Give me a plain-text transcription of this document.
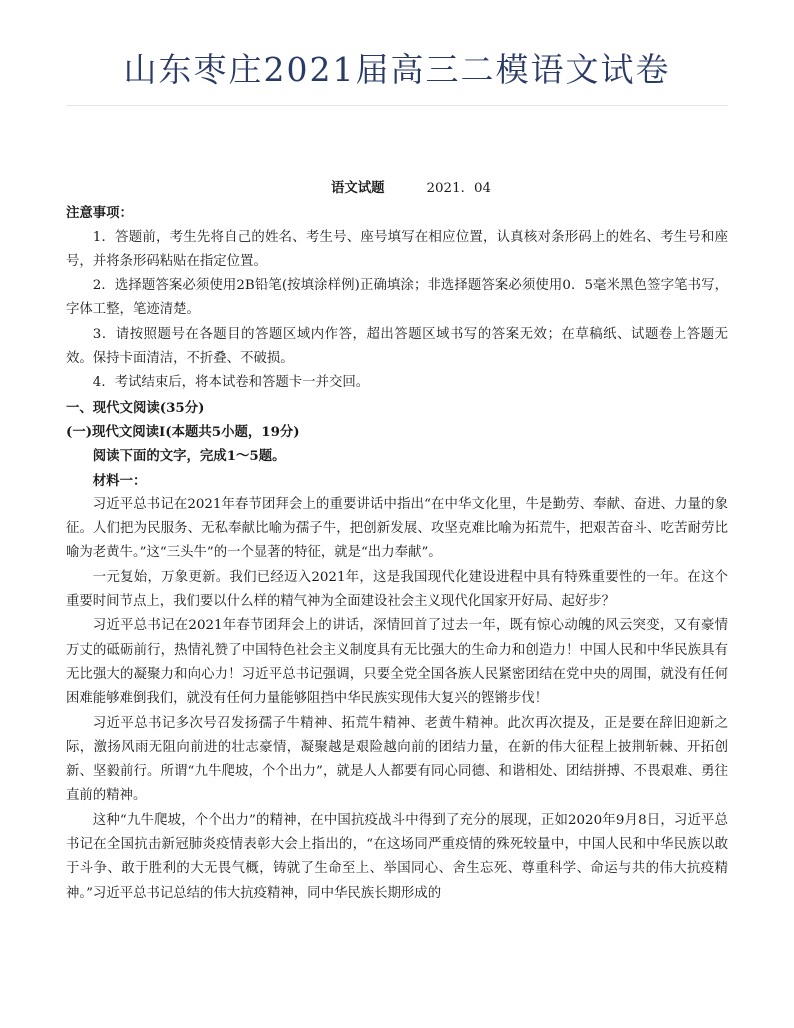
山东枣庄2021届高三二模语文试卷
语文试题	2021．04
注意事项：

1．答题前，考生先将自己的姓名、考生号、座号填写在相应位置，认真核对条形码上的姓名、考生号和座号，并将条形码粘贴在指定位置。

2．选择题答案必须使用2B铅笔(按填涂样例)正确填涂；非选择题答案必须使用0．5毫米黑色签字笔书写，字体工整，笔迹清楚。

3．请按照题号在各题目的答题区域内作答，超出答题区域书写的答案无效；在草稿纸、试题卷上答题无效。保持卡面清洁，不折叠、不破损。

4．考试结束后，将本试卷和答题卡一并交回。

一、现代文阅读(35分)
(一)现代文阅读Ⅰ(本题共5小题，19分)
阅读下面的文字，完成1～5题。
材料一：

习近平总书记在2021年春节团拜会上的重要讲话中指出“在中华文化里，牛是勤劳、奉献、奋进、力量的象征。人们把为民服务、无私奉献比喻为孺子牛，把创新发展、攻坚克难比喻为拓荒牛，把艰苦奋斗、吃苦耐劳比喻为老黄牛。”这“三头牛”的一个显著的特征，就是“出力奉献”。

一元复始，万象更新。我们已经迈入2021年，这是我国现代化建设进程中具有特殊重要性的一年。在这个重要时间节点上，我们要以什么样的精气神为全面建设社会主义现代化国家开好局、起好步？

习近平总书记在2021年春节团拜会上的讲话，深情回首了过去一年，既有惊心动魄的风云突变，又有豪情万丈的砥砺前行，热情礼赞了中国特色社会主义制度具有无比强大的生命力和创造力！中国人民和中华民族具有无比强大的凝聚力和向心力！习近平总书记强调，只要全党全国各族人民紧密团结在党中央的周围，就没有任何困难能够难倒我们，就没有任何力量能够阻挡中华民族实现伟大复兴的铿锵步伐！

习近平总书记多次号召发扬孺子牛精神、拓荒牛精神、老黄牛精神。此次再次提及，正是要在辞旧迎新之际，激扬风雨无阻向前进的壮志豪情，凝聚越是艰险越向前的团结力量，在新的伟大征程上披荆斩棘、开拓创新、坚毅前行。所谓“九牛爬坡，个个出力”，就是人人都要有同心同德、和谐相处、团结拼搏、不畏艰难、勇往直前的精神。

这种“九牛爬坡，个个出力”的精神，在中国抗疫战斗中得到了充分的展现，正如2020年9月8日，习近平总书记在全国抗击新冠肺炎疫情表彰大会上指出的，“在这场同严重疫情的殊死较量中，中国人民和中华民族以敢于斗争、敢于胜利的大无畏气概，铸就了生命至上、举国同心、舍生忘死、尊重科学、命运与共的伟大抗疫精神。”习近平总书记总结的伟大抗疫精神，同中华民族长期形成的
